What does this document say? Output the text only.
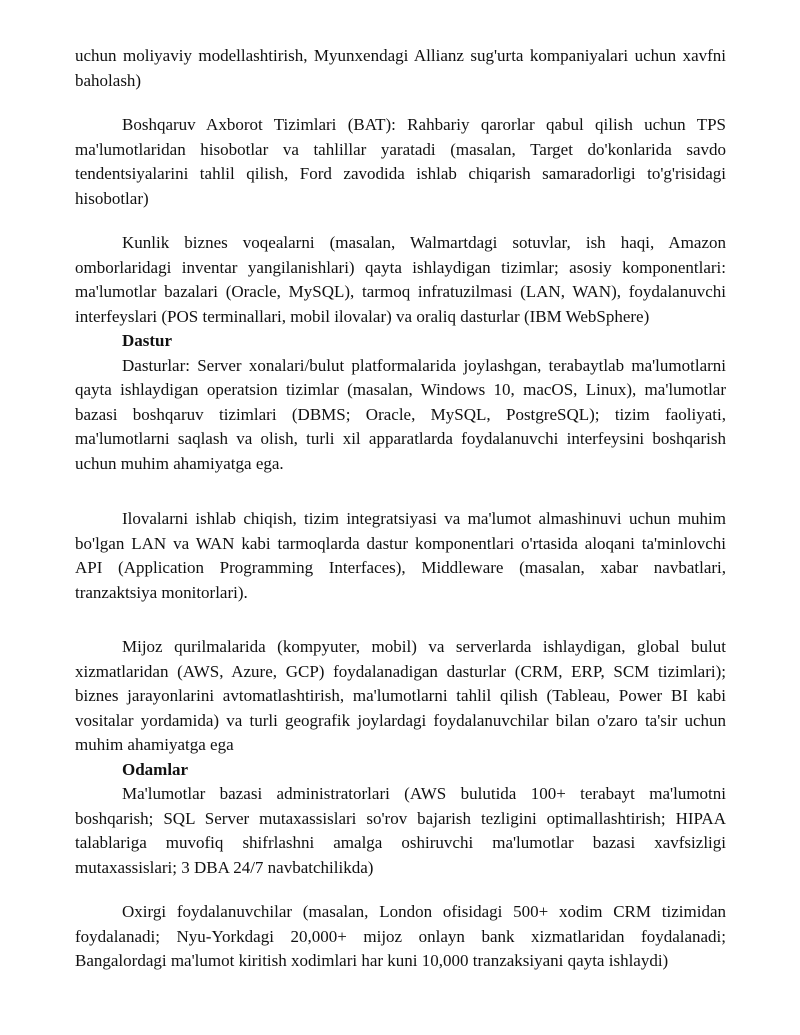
uchun moliyaviy modellashtirish, Myunxendagi Allianz sug'urta kompaniyalari uchun xavfni baholash)

Boshqaruv Axborot Tizimlari (BAT): Rahbariy qarorlar qabul qilish uchun TPS ma'lumotlaridan hisobotlar va tahlillar yaratadi (masalan, Target do'konlarida savdo tendentsiyalarini tahlil qilish, Ford zavodida ishlab chiqarish samaradorligi to'g'risidagi hisobotlar)

Kunlik biznes voqealarni (masalan, Walmartdagi sotuvlar, ish haqi, Amazon omborlaridagi inventar yangilanishlari) qayta ishlaydigan tizimlar; asosiy komponentlari: ma'lumotlar bazalari (Oracle, MySQL), tarmoq infratuzilmasi (LAN, WAN), foydalanuvchi interfeyslari (POS terminallari, mobil ilovalar) va oraliq dasturlar (IBM WebSphere)

Dastur

Dasturlar: Server xonalari/bulut platformalarida joylashgan, terabaytlab ma'lumotlarni qayta ishlaydigan operatsion tizimlar (masalan, Windows 10, macOS, Linux), ma'lumotlar bazasi boshqaruv tizimlari (DBMS; Oracle, MySQL, PostgreSQL); tizim faoliyati, ma'lumotlarni saqlash va olish, turli xil apparatlarda foydalanuvchi interfeysini boshqarish uchun muhim ahamiyatga ega.

Ilovalarni ishlab chiqish, tizim integratsiyasi va ma'lumot almashinuvi uchun muhim bo'lgan LAN va WAN kabi tarmoqlarda dastur komponentlari o'rtasida aloqani ta'minlovchi API (Application Programming Interfaces), Middleware (masalan, xabar navbatlari, tranzaktsiya monitorlari).

Mijoz qurilmalarida (kompyuter, mobil) va serverlarda ishlaydigan, global bulut xizmatlaridan (AWS, Azure, GCP) foydalanadigan dasturlar (CRM, ERP, SCM tizimlari); biznes jarayonlarini avtomatlashtirish, ma'lumotlarni tahlil qilish (Tableau, Power BI kabi vositalar yordamida) va turli geografik joylardagi foydalanuvchilar bilan o'zaro ta'sir uchun muhim ahamiyatga ega

Odamlar

Ma'lumotlar bazasi administratorlari (AWS bulutida 100+ terabayt ma'lumotni boshqarish; SQL Server mutaxassislari so'rov bajarish tezligini optimallashtirish; HIPAA talablariga muvofiq shifrlashni amalga oshiruvchi ma'lumotlar bazasi xavfsizligi mutaxassislari; 3 DBA 24/7 navbatchilikda)

Oxirgi foydalanuvchilar (masalan, London ofisidagi 500+ xodim CRM tizimidan foydalanadi; Nyu-Yorkdagi 20,000+ mijoz onlayn bank xizmatlaridan foydalanadi; Bangalordagi ma'lumot kiritish xodimlari har kuni 10,000 tranzaksiyani qayta ishlaydi)
